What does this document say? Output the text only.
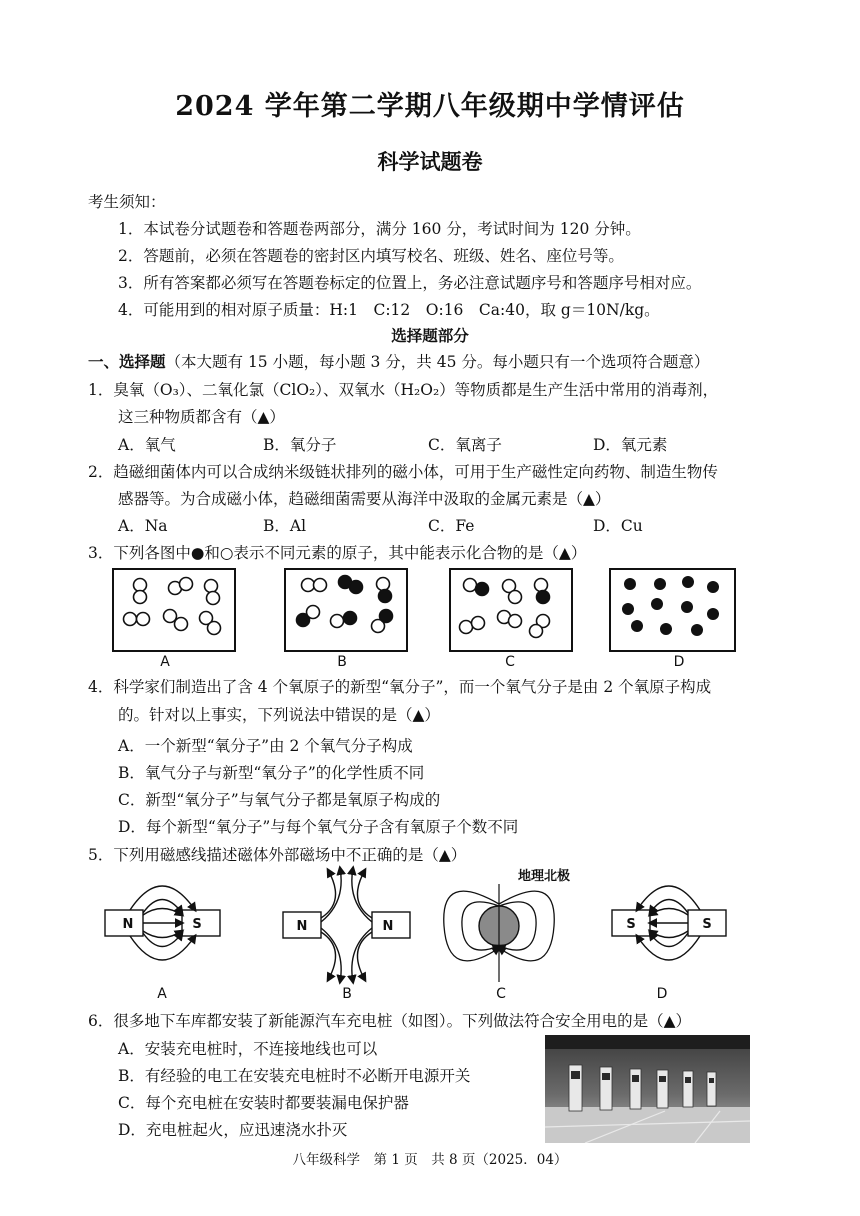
2024 学年第二学期八年级期中学情评估
科学试题卷
考生须知：
1．本试卷分试题卷和答题卷两部分，满分 160 分，考试时间为 120 分钟。
2．答题前，必须在答题卷的密封区内填写校名、班级、姓名、座位号等。
3．所有答案都必须写在答题卷标定的位置上，务必注意试题序号和答题序号相对应。
4．可能用到的相对原子质量：H:1　C:12　O:16　Ca:40，取 g＝10N/kg。
选择题部分
一、选择题（本大题有 15 小题，每小题 3 分，共 45 分。每小题只有一个选项符合题意）
1．臭氧（O₃）、二氧化氯（ClO₂）、双氧水（H₂O₂）等物质都是生产生活中常用的消毒剂，
这三种物质都含有（▲）
A．氧气	B．氧分子	C．氧离子	D．氧元素
2．趋磁细菌体内可以合成纳米级链状排列的磁小体，可用于生产磁性定向药物、制造生物传
感器等。为合成磁小体，趋磁细菌需要从海洋中汲取的金属元素是（▲）
A．Na	B．Al	C．Fe	D．Cu
3．下列各图中●和○表示不同元素的原子，其中能表示化合物的是（▲）
A	B	C	D
4．科学家们制造出了含 4 个氧原子的新型“氧分子”，而一个氧气分子是由 2 个氧原子构成
的。针对以上事实，下列说法中错误的是（▲）
A．一个新型“氧分子”由 2 个氧气分子构成
B．氧气分子与新型“氧分子”的化学性质不同
C．新型“氧分子”与氧气分子都是氧原子构成的
D．每个新型“氧分子”与每个氧气分子含有氧原子个数不同
5．下列用磁感线描述磁体外部磁场中不正确的是（▲）
N	S	N	N
地理北极
S	S
A	B	C	D
6．很多地下车库都安装了新能源汽车充电桩（如图）。下列做法符合安全用电的是（▲）
A．安装充电桩时，不连接地线也可以
B．有经验的电工在安装充电桩时不必断开电源开关
C．每个充电桩在安装时都要装漏电保护器
D．充电桩起火，应迅速浇水扑灭
八年级科学　第 1 页　共 8 页（2025．04）
